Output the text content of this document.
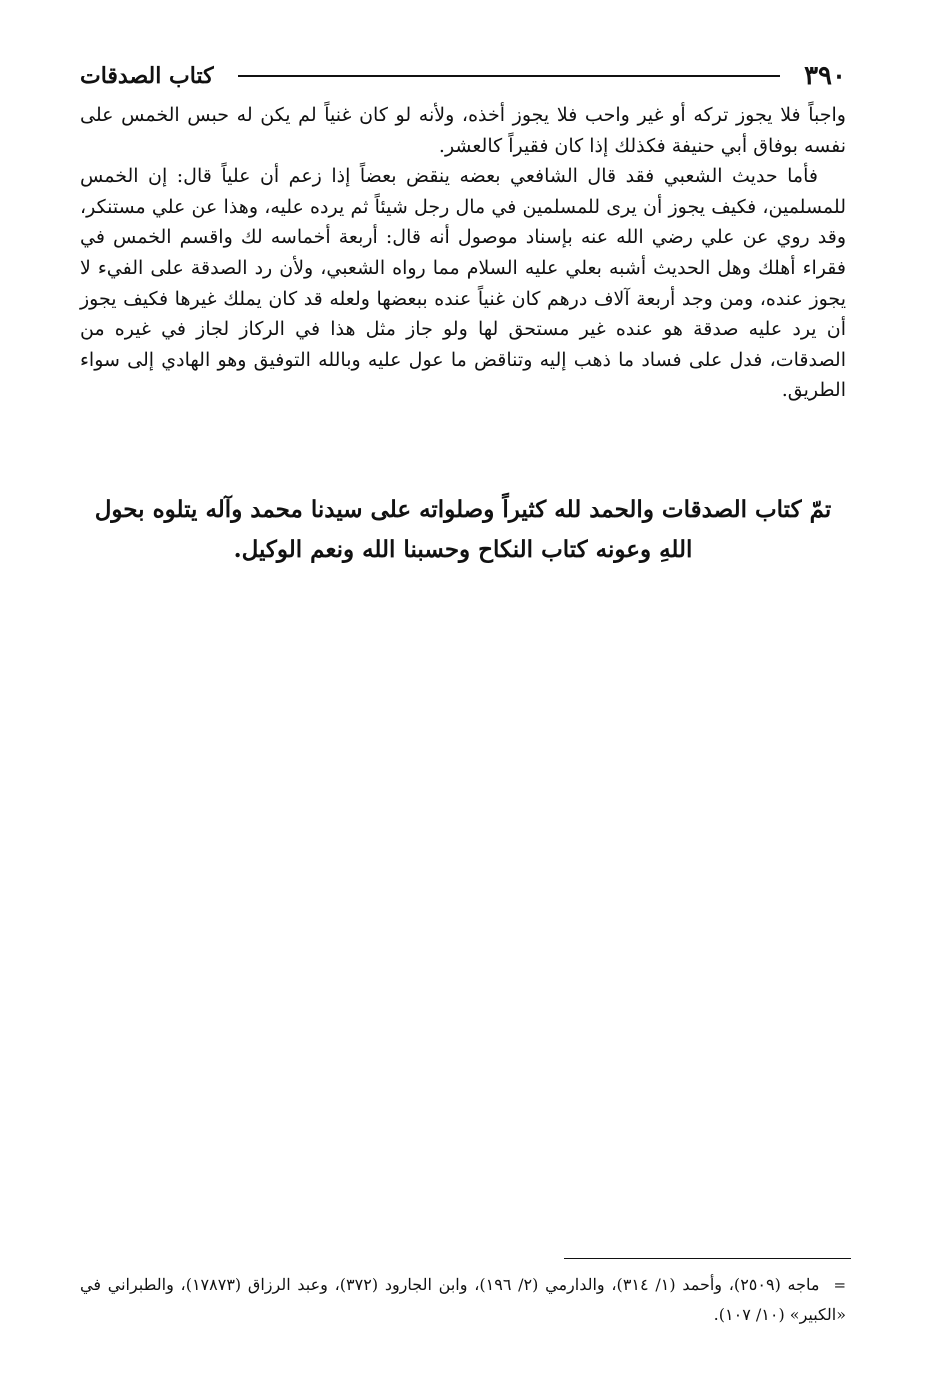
٣٩٠
كتاب الصدقات

واجباً فلا يجوز تركه أو غير واحب فلا يجوز أخذه، ولأنه لو كان غنياً لم يكن له حبس الخمس على نفسه بوفاق أبي حنيفة فكذلك إذا كان فقيراً كالعشر.

فأما حديث الشعبي فقد قال الشافعي بعضه ينقض بعضاً إذا زعم أن علياً قال: إن الخمس للمسلمين، فكيف يجوز أن يرى للمسلمين في مال رجل شيئاً ثم يرده عليه، وهذا عن علي مستنكر، وقد روي عن علي رضي الله عنه بإسناد موصول أنه قال: أربعة أخماسه لك واقسم الخمس في فقراء أهلك وهل الحديث أشبه بعلي عليه السلام مما رواه الشعبي، ولأن رد الصدقة على الفيء لا يجوز عنده، ومن وجد أربعة آلاف درهم كان غنياً عنده ببعضها ولعله قد كان يملك غيرها فكيف يجوز أن يرد عليه صدقة هو عنده غير مستحق لها ولو جاز مثل هذا في الركاز لجاز في غيره من الصدقات، فدل على فساد ما ذهب إليه وتناقض ما عول عليه وبالله التوفيق وهو الهادي إلى سواء الطريق.

تمّ كتاب الصدقات والحمد لله كثيراً وصلواته على سيدنا محمد وآله يتلوه بحول اللهِ وعونه كتاب النكاح وحسبنا الله ونعم الوكيل.
=ماجه (٢٥٠٩)، وأحمد (١/ ٣١٤)، والدارمي (٢/ ١٩٦)، وابن الجارود (٣٧٢)، وعبد الرزاق (١٧٨٧٣)، والطبراني في «الكبير» (١٠/ ١٠٧).
